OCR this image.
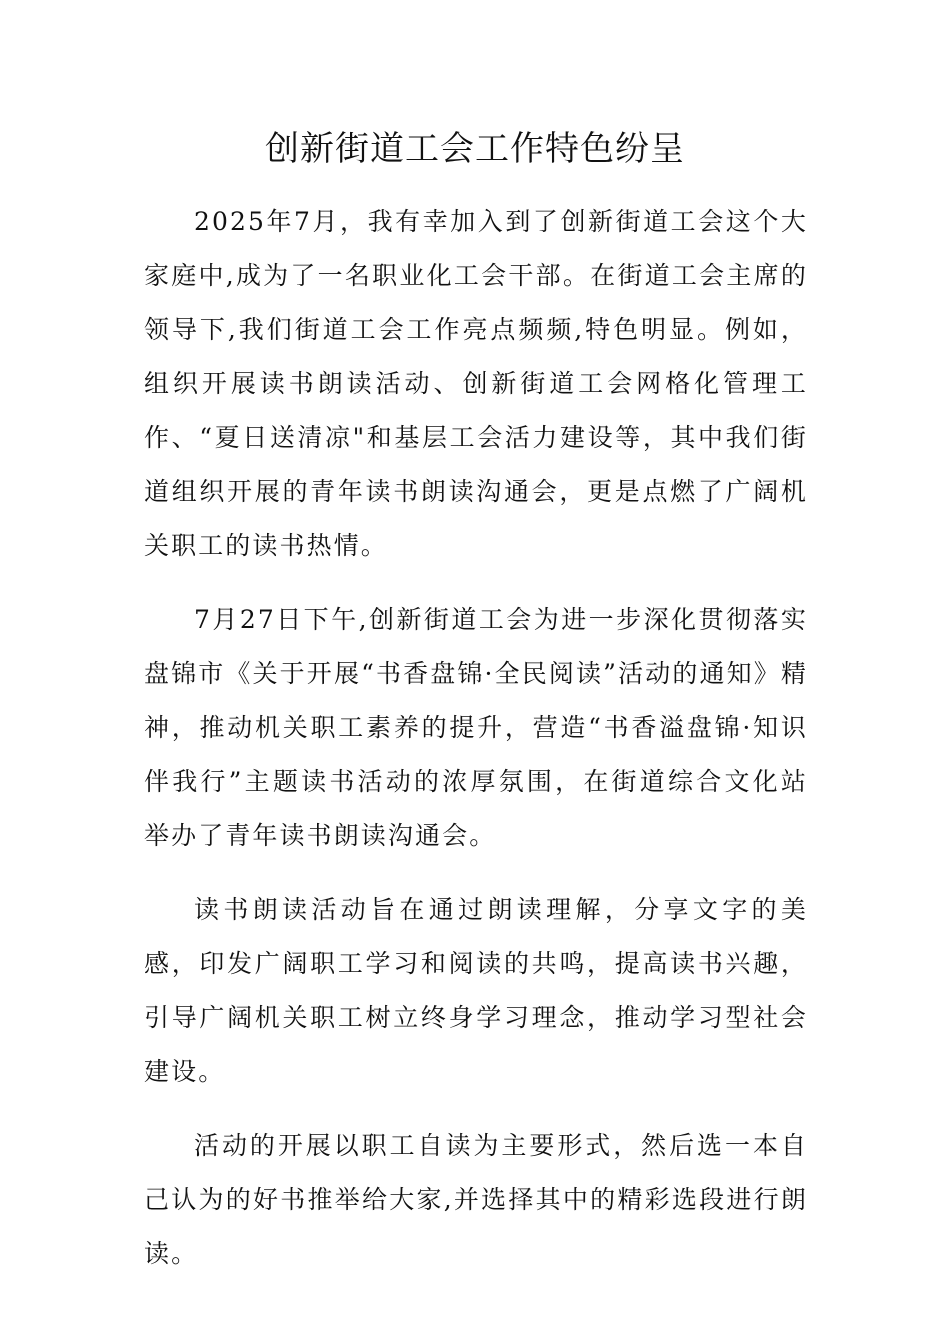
创新街道工会工作特色纷呈

2025年7月，我有幸加入到了创新街道工会这个大家庭中,成为了一名职业化工会干部。在街道工会主席的领导下,我们街道工会工作亮点频频,特色明显。例如，组织开展读书朗读活动、创新街道工会网格化管理工作、“夏日送清凉"和基层工会活力建设等，其中我们街道组织开展的青年读书朗读沟通会，更是点燃了广阔机关职工的读书热情。

7月27日下午,创新街道工会为进一步深化贯彻落实盘锦市《关于开展“书香盘锦·全民阅读”活动的通知》精神，推动机关职工素养的提升，营造“书香溢盘锦·知识伴我行”主题读书活动的浓厚氛围，在街道综合文化站举办了青年读书朗读沟通会。

读书朗读活动旨在通过朗读理解，分享文字的美感，印发广阔职工学习和阅读的共鸣，提高读书兴趣，引导广阔机关职工树立终身学习理念，推动学习型社会建设。

活动的开展以职工自读为主要形式，然后选一本自己认为的好书推举给大家,并选择其中的精彩选段进行朗读。
